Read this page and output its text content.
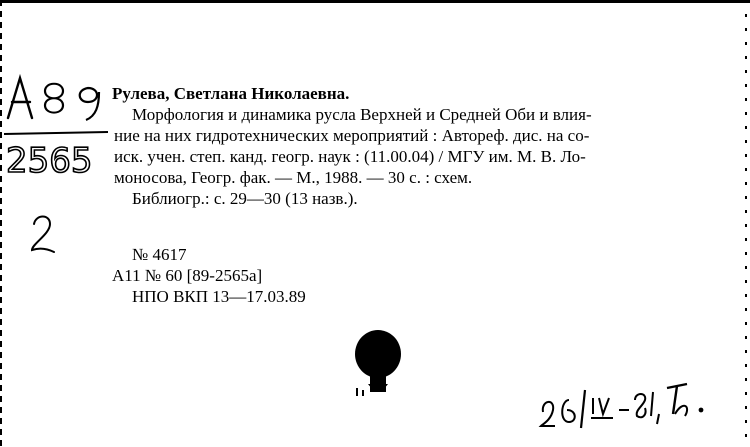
2565
Рулева, Светлана Николаевна.
Морфология и динамика русла Верхней и Средней Оби и влия-
ние на них гидротехнических мероприятий : Автореф. дис. на со-
иск. учен. степ. канд. геогр. наук : (11.00.04) / МГУ им. М. В. Ло-
моносова, Геогр. фак. — М., 1988. — 30 с. : схем.
Библиогр.: с. 29—30 (13 назв.).
№ 4617
А11 № 60 [89-2565а]
НПО ВКП 13—17.03.89
